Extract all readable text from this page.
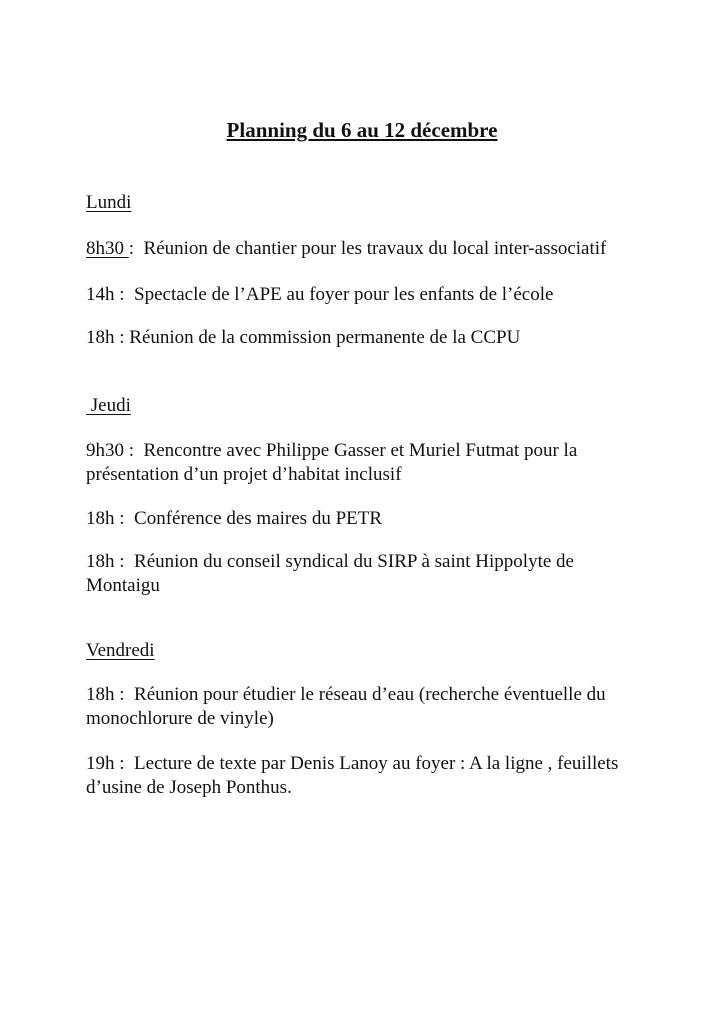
Planning du 6 au 12 décembre
Lundi
8h30 :  Réunion de chantier pour les travaux du local inter-associatif
14h :  Spectacle de l’APE au foyer pour les enfants de l’école
18h : Réunion de la commission permanente de la CCPU
Jeudi
9h30 :  Rencontre avec Philippe Gasser et Muriel Futmat pour la présentation d’un projet d’habitat inclusif
18h :  Conférence des maires du PETR
18h :  Réunion du conseil syndical du SIRP à saint Hippolyte de Montaigu
Vendredi
18h :  Réunion pour étudier le réseau d’eau (recherche éventuelle du monochlorure de vinyle)
19h :  Lecture de texte par Denis Lanoy au foyer : A la ligne , feuillets d’usine de Joseph Ponthus.
